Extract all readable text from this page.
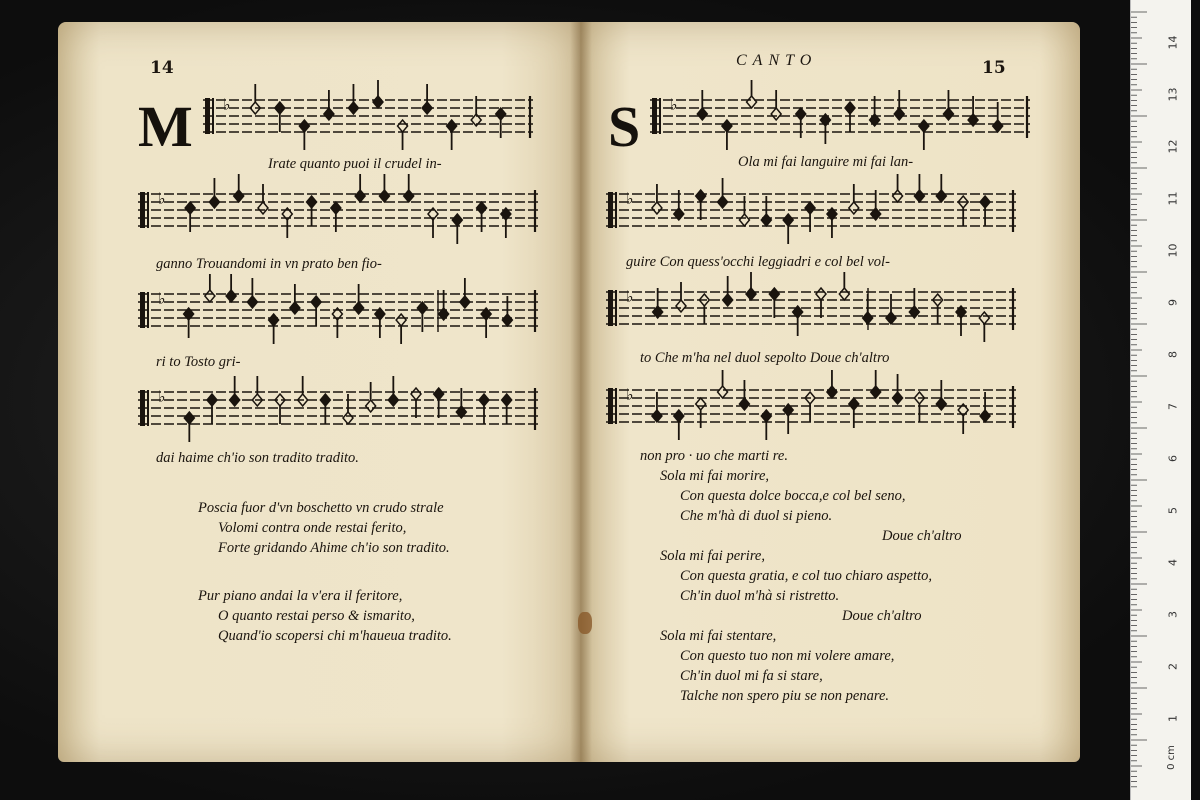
14
M ♭
Irate quanto puoi il crudel in-
♭
ganno Trouandomi in vn prato ben fio-
♭
ri to Tosto gri-
♭
dai haime ch'io son tradito tradito.
Poscia fuor d'vn boschetto vn crudo strale
Volomi contra onde restai ferito,
Forte gridando Ahime ch'io son tradito.
Pur piano andai la v'era il feritore,
O quanto restai perso & ismarito,
Quand'io scopersi chi m'haueua tradito.
CANTO	15
S ♭
Ola mi fai languire mi fai lan-
♭
guire Con quess'occhi leggiadri e col bel vol-
♭
to Che m'ha nel duol sepolto Doue ch'altro
♭
non pro · uo che marti re.
Sola mi fai morire,
Con questa dolce bocca,e col bel seno,
Che m'hà di duol si pieno.
Doue ch'altro
Sola mi fai perire,
Con questa gratia, e col tuo chiaro aspetto,
Ch'in duol m'hà si ristretto.
Doue ch'altro
Sola mi fai stentare,
Con questo tuo non mi volere amare,
Ch'in duol mi fa si stare,
Talche non spero piu se non penare.
0 cm
1
2
3
4
5
6
7
8
9
10
11
12
13
14
